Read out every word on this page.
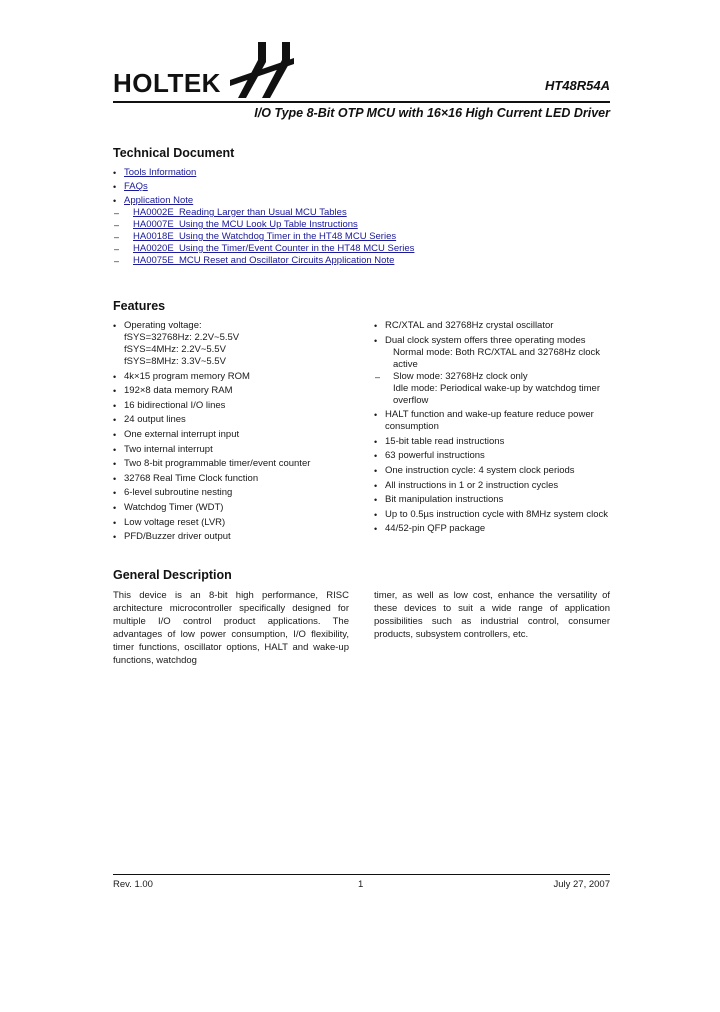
HOLTEK	HT48R54A
I/O Type 8-Bit OTP MCU with 16×16 High Current LED Driver
Technical Document
• Tools Information
• FAQs
• Application Note
– HA0002E  Reading Larger than Usual MCU Tables
– HA0007E  Using the MCU Look Up Table Instructions
– HA0018E  Using the Watchdog Timer in the HT48 MCU Series
– HA0020E  Using the Timer/Event Counter in the HT48 MCU Series
– HA0075E  MCU Reset and Oscillator Circuits Application Note
Features
• Operating voltage:
fSYS=32768Hz: 2.2V~5.5V
fSYS=4MHz: 2.2V~5.5V
fSYS=8MHz: 3.3V~5.5V
• 4k×15 program memory ROM
• 192×8 data memory RAM
• 16 bidirectional I/O lines
• 24 output lines
• One external interrupt input
• Two internal interrupt
• Two 8-bit programmable timer/event counter
• 32768 Real Time Clock function
• 6-level subroutine nesting
• Watchdog Timer (WDT)
• Low voltage reset (LVR)
• PFD/Buzzer driver output
• RC/XTAL and 32768Hz crystal oscillator
• Dual clock system offers three operating modes
Normal mode: Both RC/XTAL and 32768Hz clock active
– Slow mode: 32768Hz clock only
Idle mode: Periodical wake-up by watchdog timer overflow
• HALT function and wake-up feature reduce power consumption
• 15-bit table read instructions
• 63 powerful instructions
• One instruction cycle: 4 system clock periods
• All instructions in 1 or 2 instruction cycles
• Bit manipulation instructions
• Up to 0.5µs instruction cycle with 8MHz system clock
• 44/52-pin QFP package
General Description

This device is an 8-bit high performance, RISC architecture microcontroller specifically designed for multiple I/O control product applications. The advantages of low power consumption, I/O flexibility, timer functions, oscillator options, HALT and wake-up functions, watchdog

timer, as well as low cost, enhance the versatility of these devices to suit a wide range of application possibilities such as industrial control, consumer products, subsystem controllers, etc.

Rev. 1.00	1	July 27, 2007
